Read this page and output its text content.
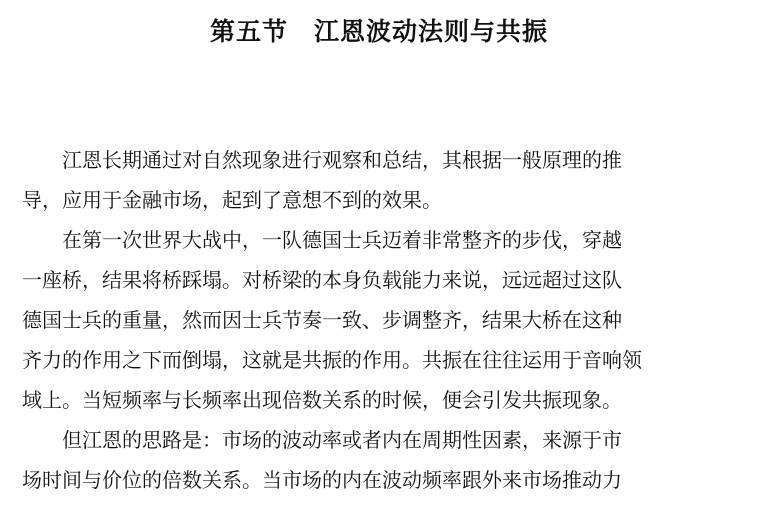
第五节　江恩波动法则与共振
江恩长期通过对自然现象进行观察和总结，其根据一般原理的推
导，应用于金融市场，起到了意想不到的效果。
在第一次世界大战中，一队德国士兵迈着非常整齐的步伐，穿越
一座桥，结果将桥踩塌。对桥梁的本身负载能力来说，远远超过这队
德国士兵的重量，然而因士兵节奏一致、步调整齐，结果大桥在这种
齐力的作用之下而倒塌，这就是共振的作用。共振在往往运用于音响领
域上。当短频率与长频率出现倍数关系的时候，便会引发共振现象。
但江恩的思路是：市场的波动率或者内在周期性因素，来源于市
场时间与价位的倍数关系。当市场的内在波动频率跟外来市场推动力
